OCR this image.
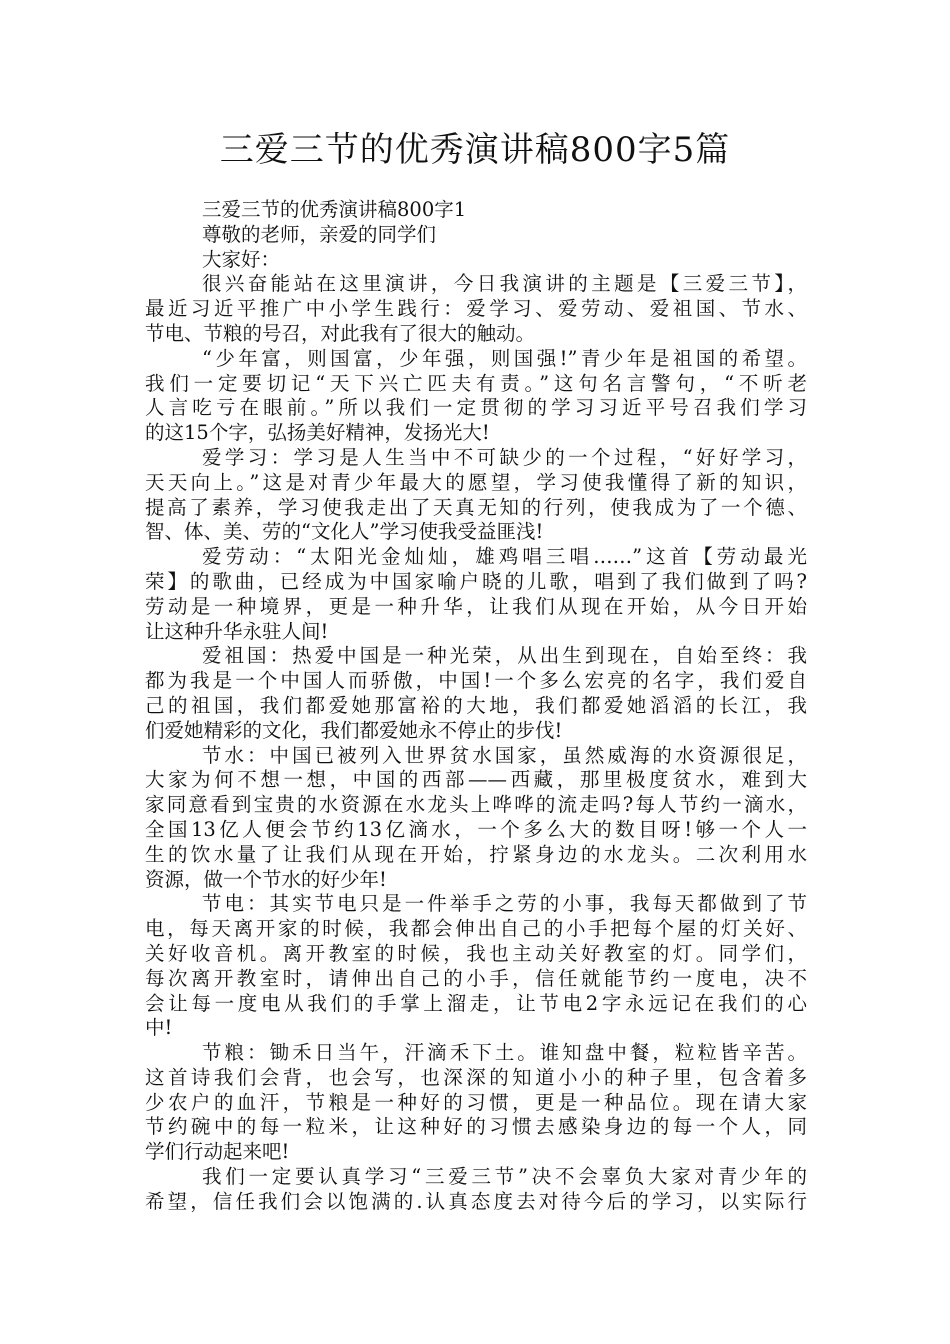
三爱三节的优秀演讲稿800字5篇
三爱三节的优秀演讲稿800字1
尊敬的老师，亲爱的同学们
大家好：
很兴奋能站在这里演讲，今日我演讲的主题是【三爱三节】，
最近习近平推广中小学生践行：爱学习、爱劳动、爱祖国、节水、
节电、节粮的号召，对此我有了很大的触动。
“少年富，则国富，少年强，则国强!”青少年是祖国的希望。
我们一定要切记“天下兴亡匹夫有责。”这句名言警句，“不听老
人言吃亏在眼前。”所以我们一定贯彻的学习习近平号召我们学习
的这15个字，弘扬美好精神，发扬光大!
爱学习：学习是人生当中不可缺少的一个过程，“好好学习，
天天向上。”这是对青少年最大的愿望，学习使我懂得了新的知识，
提高了素养，学习使我走出了天真无知的行列，使我成为了一个德、
智、体、美、劳的“文化人”学习使我受益匪浅!
爱劳动：“太阳光金灿灿，雄鸡唱三唱……”这首【劳动最光
荣】的歌曲，已经成为中国家喻户晓的儿歌，唱到了我们做到了吗?
劳动是一种境界，更是一种升华，让我们从现在开始，从今日开始
让这种升华永驻人间!
爱祖国：热爱中国是一种光荣，从出生到现在，自始至终：我
都为我是一个中国人而骄傲，中国!一个多么宏亮的名字，我们爱自
己的祖国，我们都爱她那富裕的大地，我们都爱她滔滔的长江，我
们爱她精彩的文化，我们都爱她永不停止的步伐!
节水：中国已被列入世界贫水国家，虽然威海的水资源很足，
大家为何不想一想，中国的西部——西藏，那里极度贫水，难到大
家同意看到宝贵的水资源在水龙头上哗哗的流走吗?每人节约一滴水，
全国13亿人便会节约13亿滴水，一个多么大的数目呀!够一个人一
生的饮水量了让我们从现在开始，拧紧身边的水龙头。二次利用水
资源，做一个节水的好少年!
节电：其实节电只是一件举手之劳的小事，我每天都做到了节
电，每天离开家的时候，我都会伸出自己的小手把每个屋的灯关好、
关好收音机。离开教室的时候，我也主动关好教室的灯。同学们，
每次离开教室时，请伸出自己的小手，信任就能节约一度电，决不
会让每一度电从我们的手掌上溜走，让节电2字永远记在我们的心
中!
节粮：锄禾日当午，汗滴禾下土。谁知盘中餐，粒粒皆辛苦。
这首诗我们会背，也会写，也深深的知道小小的种子里，包含着多
少农户的血汗，节粮是一种好的习惯，更是一种品位。现在请大家
节约碗中的每一粒米，让这种好的习惯去感染身边的每一个人，同
学们行动起来吧!
我们一定要认真学习“三爱三节”决不会辜负大家对青少年的
希望，信任我们会以饱满的.认真态度去对待今后的学习，以实际行
